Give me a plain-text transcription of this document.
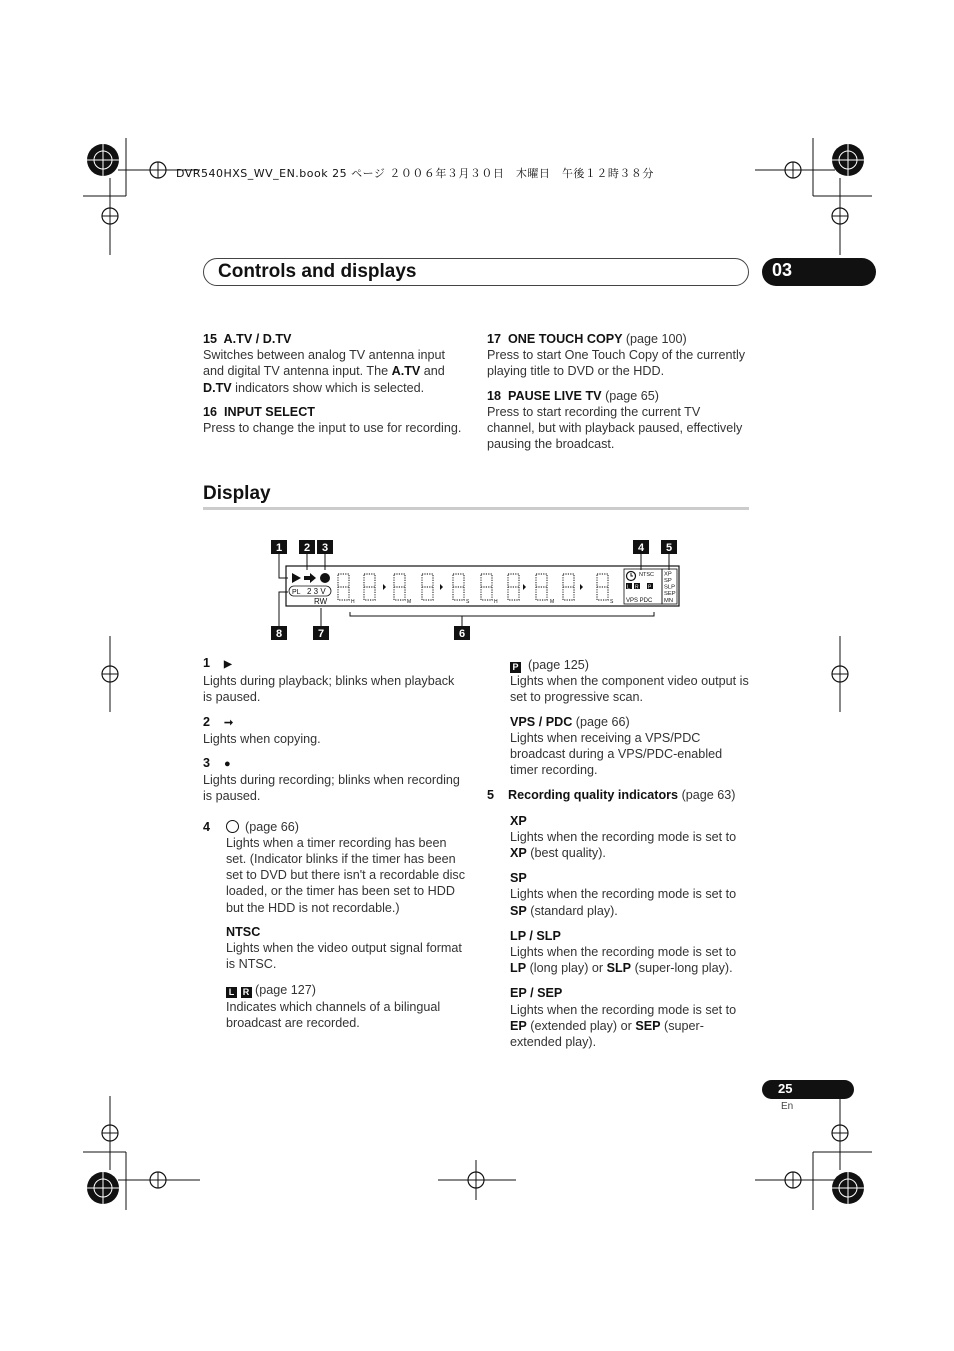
DVR540HXS_WV_EN.book 25 ページ ２００６年３月３０日　木曜日　午後１２時３８分
Controls and displays	03
15 A.TV / D.TV
Switches between analog TV antenna input and digital TV antenna input. The A.TV and D.TV indicators show which is selected.
16 INPUT SELECT
Press to change the input to use for recording.
17 ONE TOUCH COPY (page 100)
Press to start One Touch Copy of the currently playing title to DVD or the HDD.
18 PAUSE LIVE TV (page 65)
Press to start recording the current TV channel, but with playback paused, effectively pausing the broadcast.
Display
1 2 3	4 5
6
7
8
PL 2 3 V
RW	H	M	S	H	M	S
NTSC
L R P
VPS PDC
XP
SP
SLP
SEP
MN
1 ▶
Lights during playback; blinks when playback is paused.
2 ➞
Lights when copying.
3 ●
Lights during recording; blinks when recording is paused.
4	(page 66)
Lights when a timer recording has been set. (Indicator blinks if the timer has been set to DVD but there isn't a recordable disc loaded, or the timer has been set to HDD but the HDD is not recordable.)
NTSC
Lights when the video output signal format is NTSC.
L R (page 127)
Indicates which channels of a bilingual broadcast are recorded.
P (page 125)
Lights when the component video output is set to progressive scan.
VPS / PDC (page 66)
Lights when receiving a VPS/PDC broadcast during a VPS/PDC-enabled timer recording.
5 Recording quality indicators (page 63)
XP
Lights when the recording mode is set to XP (best quality).
SP
Lights when the recording mode is set to SP (standard play).
LP / SLP
Lights when the recording mode is set to LP (long play) or SLP (super-long play).
EP / SEP
Lights when the recording mode is set to EP (extended play) or SEP (super-extended play).
25
En
